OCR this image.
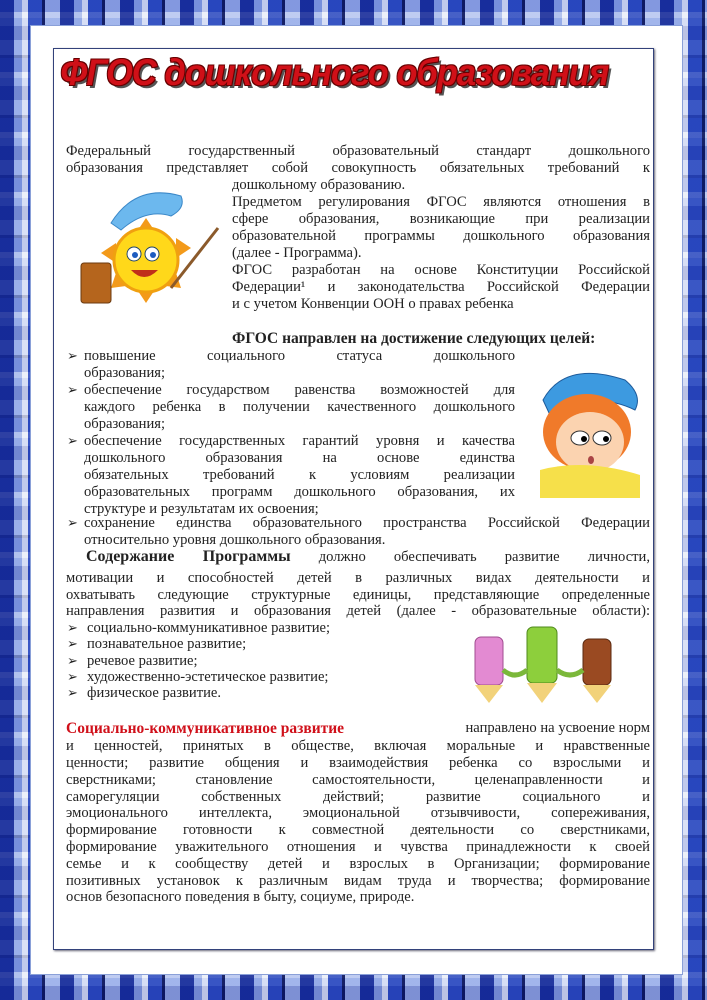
ФГОС дошкольного образования
Федеральный государственный образовательный стандарт дошкольного
образования представляет собой совокупность обязательных требований к
дошкольному образованию.
Предметом регулирования ФГОС являются отношения в
сфере образования, возникающие при реализации
образовательной программы дошкольного образования
(далее - Программа).
ФГОС разработан на основе Конституции Российской
Федерации¹ и законодательства Российской Федерации
и с учетом Конвенции ООН о правах ребенка
ФГОС направлен на достижение следующих целей:
➢
➢
➢
➢
повышение социального статуса дошкольного
образования;
обеспечение государством равенства возможностей для
каждого ребенка в получении качественного дошкольного
образования;
обеспечение государственных гарантий уровня и качества
дошкольного образования на основе единства
обязательных требований к условиям реализации
образовательных программ дошкольного образования, их
структуре и результатам их освоения;
сохранение единства образовательного пространства Российской Федерации
относительно уровня дошкольного образования.
Содержание Программы должно обеспечивать развитие личности,
мотивации и способностей детей в различных видах деятельности и
охватывать следующие структурные единицы, представляющие определенные
направления развития и образования детей (далее - образовательные области):
➢
➢
➢
➢
➢
социально-коммуникативное развитие;
познавательное развитие;
речевое развитие;
художественно-эстетическое развитие;
физическое развитие.
Социально-коммуникативное развитие	направлено на усвоение норм
и ценностей, принятых в обществе, включая моральные и нравственные
ценности; развитие общения и взаимодействия ребенка со взрослыми и
сверстниками; становление самостоятельности, целенаправленности и
саморегуляции собственных действий; развитие социального и
эмоционального интеллекта, эмоциональной отзывчивости, сопереживания,
формирование готовности к совместной деятельности со сверстниками,
формирование уважительного отношения и чувства принадлежности к своей
семье и к сообществу детей и взрослых в Организации; формирование
позитивных установок к различным видам труда и творчества; формирование
основ безопасного поведения в быту, социуме, природе.
